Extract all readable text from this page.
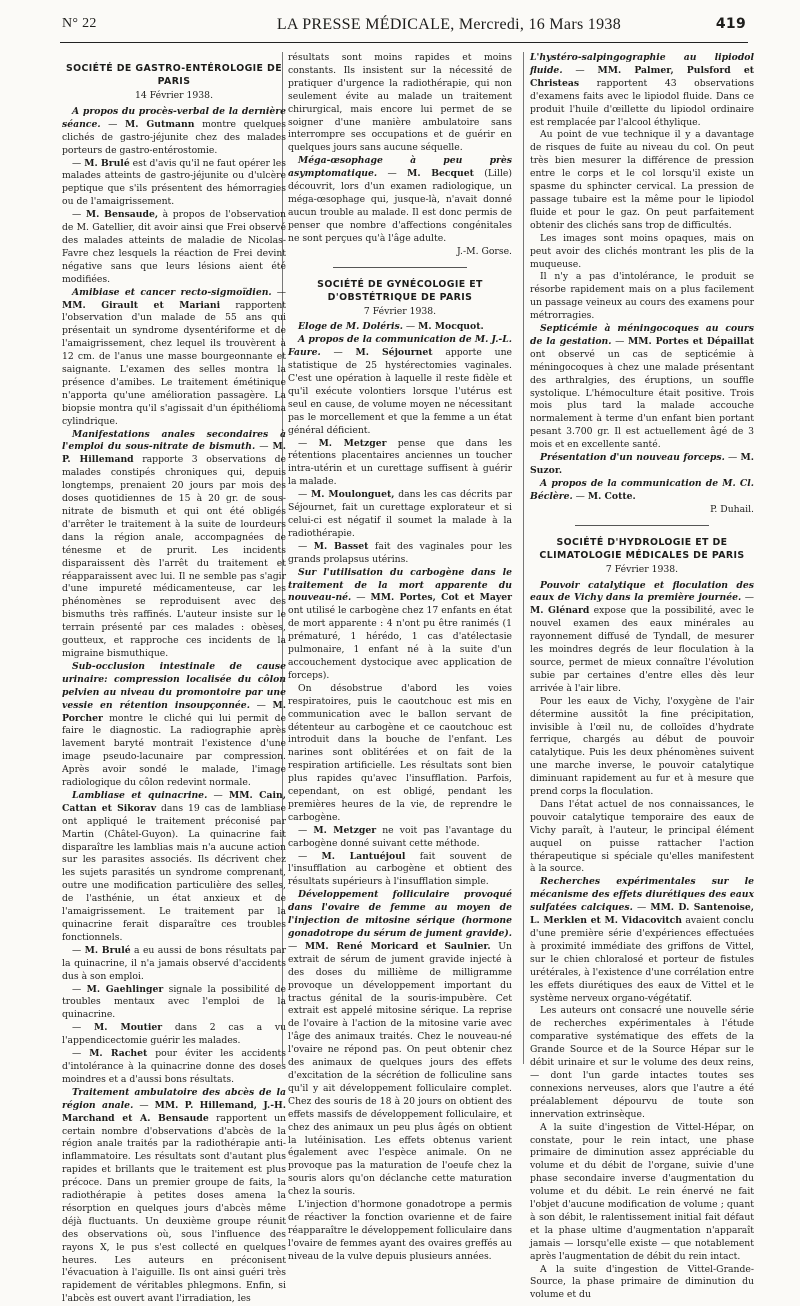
N° 22	LA PRESSE MÉDICALE, Mercredi, 16 Mars 1938	419
SOCIÉTÉ DE GASTRO-ENTÉROLOGIE DE PARIS
14 Février 1938.

A propos du procès-verbal de la dernière séance. — M. Gutmann montre quelques clichés de gastro-jéjunite chez des malades porteurs de gastro-entérostomie.

— M. Brulé est d'avis qu'il ne faut opérer les malades atteints de gastro-jéjunite ou d'ulcère peptique que s'ils présentent des hémorragies ou de l'amaigrissement.

— M. Bensaude, à propos de l'observation de M. Gatellier, dit avoir ainsi que Frei observé des malades atteints de maladie de Nicolas-Favre chez lesquels la réaction de Frei devint négative sans que leurs lésions aient été modifiées.

Amibiase et cancer recto-sigmoïdien. — MM. Girault et Mariani rapportent l'observation d'un malade de 55 ans qui présentait un syndrome dysentériforme et de l'amaigrissement, chez lequel ils trouvèrent à 12 cm. de l'anus une masse bourgeonnante et saignante. L'examen des selles montra la présence d'amibes. Le traitement émétinique n'apporta qu'une amélioration passagère. La biopsie montra qu'il s'agissait d'un épithélioma cylindrique.

Manifestations anales secondaires à l'emploi du sous-nitrate de bismuth. — M. P. Hillemand rapporte 3 observations de malades constipés chroniques qui, depuis longtemps, prenaient 20 jours par mois des doses quotidiennes de 15 à 20 gr. de sous-nitrate de bismuth et qui ont été obligés d'arrêter le traitement à la suite de lourdeurs dans la région anale, accompagnées de ténesme et de prurit. Les incidents disparaissent dès l'arrêt du traitement et réapparaissent avec lui. Il ne semble pas s'agir d'une impureté médicamenteuse, car les phénomènes se reproduisent avec des bismuths très raffinés. L'auteur insiste sur le terrain présenté par ces malades : obèses, goutteux, et rapproche ces incidents de la migraine bismuthique.

Sub-occlusion intestinale de cause urinaire: compression localisée du côlon pelvien au niveau du promontoire par une vessie en rétention insoupçonnée. — M. Porcher montre le cliché qui lui permit de faire le diagnostic. La radiographie après lavement baryté montrait l'existence d'une image pseudo-lacunaire par compression. Après avoir sondé le malade, l'image radiologique du côlon redevint normale.

Lambliase et quinacrine. — MM. Cain, Cattan et Sikorav dans 19 cas de lambliase ont appliqué le traitement préconisé par Martin (Châtel-Guyon). La quinacrine fait disparaître les lamblias mais n'a aucune action sur les parasites associés. Ils décrivent chez les sujets parasités un syndrome comprenant, outre une modification particulière des selles, de l'asthénie, un état anxieux et de l'amaigrissement. Le traitement par la quinacrine ferait disparaître ces troubles fonctionnels.

— M. Brulé a eu aussi de bons résultats par la quinacrine, il n'a jamais observé d'accidents dus à son emploi.

— M. Gaehlinger signale la possibilité de troubles mentaux avec l'emploi de la quinacrine.

— M. Moutier dans 2 cas a vu l'appendicectomie guérir les malades.

— M. Rachet pour éviter les accidents d'intolérance à la quinacrine donne des doses moindres et a d'aussi bons résultats.

Traitement ambulatoire des abcès de la région anale. — MM. P. Hillemand, J.-H. Marchand et A. Bensaude rapportent un certain nombre d'observations d'abcès de la région anale traités par la radiothérapie anti-inflammatoire. Les résultats sont d'autant plus rapides et brillants que le traitement est plus précoce. Dans un premier groupe de faits, la radiothérapie à petites doses amena la résorption en quelques jours d'abcès même déjà fluctuants. Un deuxième groupe réunit des observations où, sous l'influence des rayons X, le pus s'est collecté en quelques heures. Les auteurs en préconisent l'évacuation à l'aiguille. Ils ont ainsi guéri très rapidement de véritables phlegmons. Enfin, si l'abcès est ouvert avant l'irradiation, les

résultats sont moins rapides et moins constants. Ils insistent sur la nécessité de pratiquer d'urgence la radiothérapie, qui non seulement évite au malade un traitement chirurgical, mais encore lui permet de se soigner d'une manière ambulatoire sans interrompre ses occupations et de guérir en quelques jours sans aucune séquelle.

Méga-œsophage à peu près asymptomatique. — M. Becquet (Lille) découvrit, lors d'un examen radiologique, un méga-œsophage qui, jusque-là, n'avait donné aucun trouble au malade. Il est donc permis de penser que nombre d'affections congénitales ne sont perçues qu'à l'âge adulte.

J.-M. Gorse.
SOCIÉTÉ DE GYNÉCOLOGIE ET D'OBSTÉTRIQUE DE PARIS
7 Février 1938.

Eloge de M. Doléris. — M. Mocquot.

A propos de la communication de M. J.-L. Faure. — M. Séjournet apporte une statistique de 25 hystérectomies vaginales. C'est une opération à laquelle il reste fidèle et qu'il exécute volontiers lorsque l'utérus est seul en cause, de volume moyen ne nécessitant pas le morcellement et que la femme a un état général déficient.

— M. Metzger pense que dans les rétentions placentaires anciennes un toucher intra-utérin et un curettage suffisent à guérir la malade.

— M. Moulonguet, dans les cas décrits par Séjournet, fait un curettage explorateur et si celui-ci est négatif il soumet la malade à la radiothérapie.

— M. Basset fait des vaginales pour les grands prolapsus utérins.

Sur l'utilisation du carbogène dans le traitement de la mort apparente du nouveau-né. — MM. Portes, Cot et Mayer ont utilisé le carbogène chez 17 enfants en état de mort apparente : 4 n'ont pu être ranimés (1 prématuré, 1 hérédo, 1 cas d'atélectasie pulmonaire, 1 enfant né à la suite d'un accouchement dystocique avec application de forceps).

On désobstrue d'abord les voies respiratoires, puis le caoutchouc est mis en communication avec le ballon servant de détenteur au carbogène et ce caoutchouc est introduit dans la bouche de l'enfant. Les narines sont oblitérées et on fait de la respiration artificielle. Les résultats sont bien plus rapides qu'avec l'insufflation. Parfois, cependant, on est obligé, pendant les premières heures de la vie, de reprendre le carbogène.

— M. Metzger ne voit pas l'avantage du carbogène donné suivant cette méthode.

— M. Lantuéjoul fait souvent de l'insufflation au carbogène et obtient des résultats supérieurs à l'insufflation simple.

Développement folliculaire provoqué dans l'ovaire de femme au moyen de l'injection de mitosine sérique (hormone gonadotrope du sérum de jument gravide). — MM. René Moricard et Saulnier. Un extrait de sérum de jument gravide injecté à des doses du millième de milligramme provoque un développement important du tractus génital de la souris-impubère. Cet extrait est appelé mitosine sérique. La reprise de l'ovaire à l'action de la mitosine varie avec l'âge des animaux traités. Chez le nouveau-né l'ovaire ne répond pas. On peut obtenir chez des animaux de quelques jours des effets d'excitation de la sécrétion de folliculine sans qu'il y ait développement folliculaire complet. Chez des souris de 18 à 20 jours on obtient des effets massifs de développement folliculaire, et chez des animaux un peu plus âgés on obtient la lutéinisation. Les effets obtenus varient également avec l'espèce animale. On ne provoque pas la maturation de l'oeufe chez la souris alors qu'on déclanche cette maturation chez la souris.

L'injection d'hormone gonadotrope a permis de réactiver la fonction ovarienne et de faire réapparaître le développement folliculaire dans l'ovaire de femmes ayant des ovaires greffés au niveau de la vulve depuis plusieurs années.

L'hystéro-salpingographie au lipiodol fluide. — MM. Palmer, Pulsford et Christeas rapportent 43 observations d'examens faits avec le lipiodol fluide. Dans ce produit l'huile d'œillette du lipiodol ordinaire est remplacée par l'alcool éthylique.

Au point de vue technique il y a davantage de risques de fuite au niveau du col. On peut très bien mesurer la différence de pression entre le corps et le col lorsqu'il existe un spasme du sphincter cervical. La pression de passage tubaire est la même pour le lipiodol fluide et pour le gaz. On peut parfaitement obtenir des clichés sans trop de difficultés.

Les images sont moins opaques, mais on peut avoir des clichés montrant les plis de la muqueuse.

Il n'y a pas d'intolérance, le produit se résorbe rapidement mais on a plus facilement un passage veineux au cours des examens pour métrorragies.

Septicémie à méningocoques au cours de la gestation. — MM. Portes et Dépaillat ont observé un cas de septicémie à méningocoques à chez une malade présentant des arthralgies, des éruptions, un souffle systolique. L'hémoculture était positive. Trois mois plus tard la malade accouche normalement à terme d'un enfant bien portant pesant 3.700 gr. Il est actuellement âgé de 3 mois et en excellente santé.

Présentation d'un nouveau forceps. — M. Suzor.

A propos de la communication de M. Cl. Béclère. — M. Cotte.

P. Duhail.
SOCIÉTÉ D'HYDROLOGIE ET DE CLIMATOLOGIE MÉDICALES DE PARIS
7 Février 1938.

Pouvoir catalytique et floculation des eaux de Vichy dans la première journée. — M. Glénard expose que la possibilité, avec le nouvel examen des eaux minérales au rayonnement diffusé de Tyndall, de mesurer les moindres degrés de leur floculation à la source, permet de mieux connaître l'évolution subie par certaines d'entre elles dès leur arrivée à l'air libre.

Pour les eaux de Vichy, l'oxygène de l'air détermine aussitôt la fine précipitation, invisible à l'œil nu, de colloïdes d'hydrate ferrique, chargés au début de pouvoir catalytique. Puis les deux phénomènes suivent une marche inverse, le pouvoir catalytique diminuant rapidement au fur et à mesure que prend corps la floculation.

Dans l'état actuel de nos connaissances, le pouvoir catalytique temporaire des eaux de Vichy paraît, à l'auteur, le principal élément auquel on puisse rattacher l'action thérapeutique si spéciale qu'elles manifestent à la source.

Recherches expérimentales sur le mécanisme des effets diurétiques des eaux sulfatées calciques. — MM. D. Santenoise, L. Merklen et M. Vidacovitch avaient conclu d'une première série d'expériences effectuées à proximité immédiate des griffons de Vittel, sur le chien chloralosé et porteur de fistules urétérales, à l'existence d'une corrélation entre les effets diurétiques des eaux de Vittel et le système nerveux organo-végétatif.

Les auteurs ont consacré une nouvelle série de recherches expérimentales à l'étude comparative systématique des effets de la Grande Source et de la Source Hépar sur le débit urinaire et sur le volume des deux reins, — dont l'un garde intactes toutes ses connexions nerveuses, alors que l'autre a été préalablement dépourvu de toute son innervation extrinsèque.

A la suite d'ingestion de Vittel-Hépar, on constate, pour le rein intact, une phase primaire de diminution assez appréciable du volume et du débit de l'organe, suivie d'une phase secondaire inverse d'augmentation du volume et du débit. Le rein énervé ne fait l'objet d'aucune modification de volume ; quant à son débit, le ralentissement initial fait défaut et la phase ultime d'augmentation n'apparaît jamais — lorsqu'elle existe — que notablement après l'augmentation de débit du rein intact.

A la suite d'ingestion de Vittel-Grande-Source, la phase primaire de diminution du volume et du
